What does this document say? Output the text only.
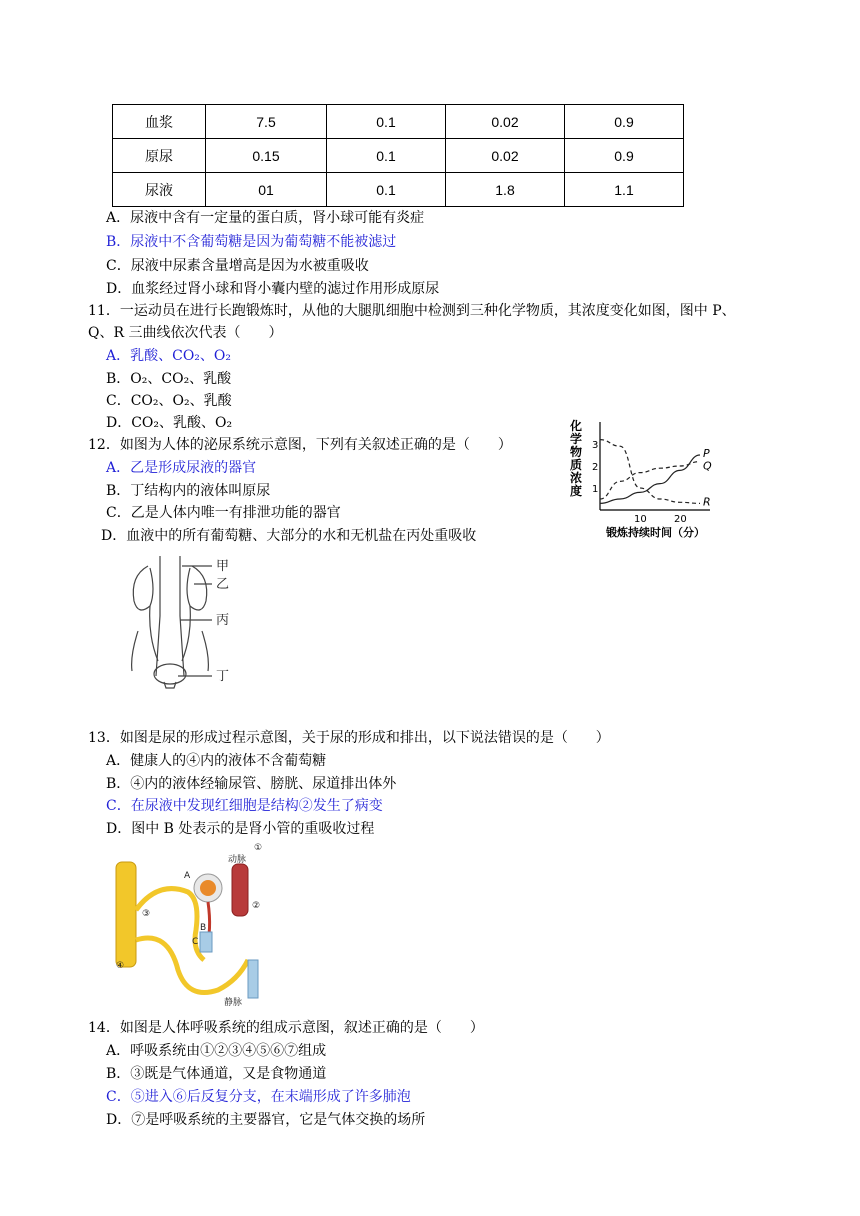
血浆	7.5	0.1	0.02	0.9
原尿	0.15	0.1	0.02	0.9
尿液	01	0.1	1.8	1.1
A．尿液中含有一定量的蛋白质，肾小球可能有炎症
B．尿液中不含葡萄糖是因为葡萄糖不能被滤过
C．尿液中尿素含量增高是因为水被重吸收
D．血浆经过肾小球和肾小囊内壁的滤过作用形成原尿
11．一运动员在进行长跑锻炼时，从他的大腿肌细胞中检测到三种化学物质，其浓度变化如图，图中 P、
Q、R 三曲线依次代表（　　）
A．乳酸、CO₂、O₂
B．O₂、CO₂、乳酸
C．CO₂、O₂、乳酸
D．CO₂、乳酸、O₂	化学物质浓度 1
2
3
10	20
P
Q
R
锻炼持续时间（分）
12．如图为人体的泌尿系统示意图，下列有关叙述正确的是（　　）
A．乙是形成尿液的器官
B．丁结构内的液体叫原尿
C．乙是人体内唯一有排泄功能的器官
D．血液中的所有葡萄糖、大部分的水和无机盐在丙处重吸收
甲
乙
丙
丁
13．如图是尿的形成过程示意图，关于尿的形成和排出，以下说法错误的是（　　）
A．健康人的④内的液体不含葡萄糖
B．④内的液体经输尿管、膀胱、尿道排出体外
C．在尿液中发现红细胞是结构②发生了病变
D．图中 B 处表示的是肾小管的重吸收过程
①
②
③
④
A
B
C
动脉
静脉
14．如图是人体呼吸系统的组成示意图，叙述正确的是（　　）
A．呼吸系统由①②③④⑤⑥⑦组成
B．③既是气体通道，又是食物通道
C．⑤进入⑥后反复分支，在末端形成了许多肺泡
D．⑦是呼吸系统的主要器官，它是气体交换的场所
